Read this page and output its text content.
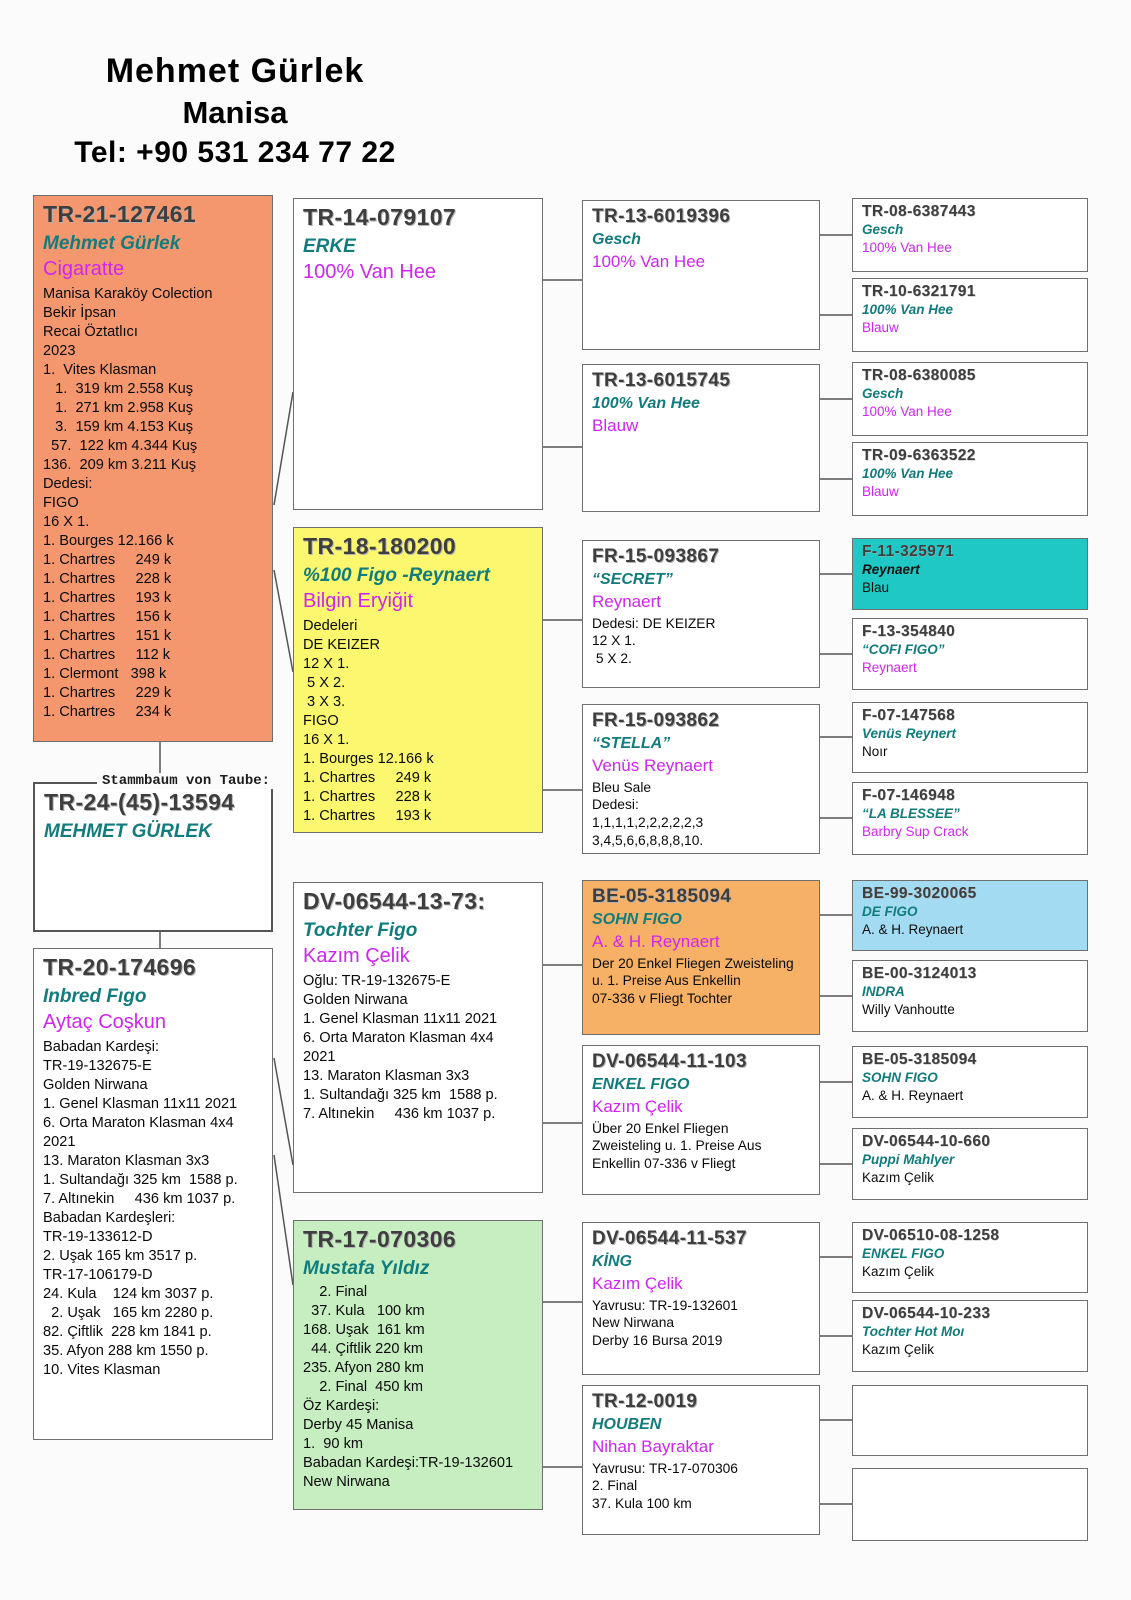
Mehmet Gürlek
Manisa
Tel: +90 531 234 77 22
TR-21-127461
Mehmet Gürlek
Cigaratte
Manisa Karaköy Colection
Bekir İpsan
Recai Öztatlıcı
2023
1.  Vites Klasman
1.  319 km 2.558 Kuş
1.  271 km 2.958 Kuş
3.  159 km 4.153 Kuş
57.  122 km 4.344 Kuş
136.  209 km 3.211 Kuş
Dedesi:
FIGO
16 X 1.
1. Bourges 12.166 k
1. Chartres     249 k
1. Chartres     228 k
1. Chartres     193 k
1. Chartres     156 k
1. Chartres     151 k
1. Chartres     112 k
1. Clermont   398 k
1. Chartres     229 k
1. Chartres     234 k
Stammbaum von Taube:
TR-24-(45)-13594
MEHMET GÜRLEK
TR-20-174696
Inbred Fıgo
Aytaç Coşkun
Babadan Kardeşi:
TR-19-132675-E
Golden Nirwana
1. Genel Klasman 11x11 2021
6. Orta Maraton Klasman 4x4
2021
13. Maraton Klasman 3x3
1. Sultandağı 325 km  1588 p.
7. Altınekin     436 km 1037 p.
Babadan Kardeşleri:
TR-19-133612-D
2. Uşak 165 km 3517 p.
TR-17-106179-D
24. Kula    124 km 3037 p.
2. Uşak   165 km 2280 p.
82. Çiftlik  228 km 1841 p.
35. Afyon 288 km 1550 p.
10. Vites Klasman
TR-14-079107
ERKE
100% Van Hee
TR-18-180200
%100 Figo -Reynaert
Bilgin Eryiğit
Dedeleri
DE KEIZER
12 X 1.
5 X 2.
3 X 3.
FIGO
16 X 1.
1. Bourges 12.166 k
1. Chartres     249 k
1. Chartres     228 k
1. Chartres     193 k
DV-06544-13-73:
Tochter Figo
Kazım Çelik
Oğlu: TR-19-132675-E
Golden Nirwana
1. Genel Klasman 11x11 2021
6. Orta Maraton Klasman 4x4
2021
13. Maraton Klasman 3x3
1. Sultandağı 325 km  1588 p.
7. Altınekin     436 km 1037 p.
TR-17-070306
Mustafa Yıldız
2. Final
37. Kula   100 km
168. Uşak  161 km
44. Çiftlik 220 km
235. Afyon 280 km
2. Final  450 km
Öz Kardeşi:
Derby 45 Manisa
1.  90 km
Babadan Kardeşi:TR-19-132601
New Nirwana
TR-13-6019396
Gesch
100% Van Hee
TR-13-6015745
100% Van Hee
Blauw
FR-15-093867
“SECRET”
Reynaert
Dedesi: DE KEIZER
12 X 1.
5 X 2.
FR-15-093862
“STELLA”
Venüs Reynaert
Bleu Sale
Dedesi:
1,1,1,1,2,2,2,2,2,3
3,4,5,6,6,8,8,8,10.
BE-05-3185094
SOHN FIGO
A. & H. Reynaert
Der 20 Enkel Fliegen Zweisteling
u. 1. Preise Aus Enkellin
07-336 v Fliegt Tochter
DV-06544-11-103
ENKEL FIGO
Kazım Çelik
Über 20 Enkel Fliegen
Zweisteling u. 1. Preise Aus
Enkellin 07-336 v Fliegt
DV-06544-11-537
KİNG
Kazım Çelik
Yavrusu: TR-19-132601
New Nirwana
Derby 16 Bursa 2019
TR-12-0019
HOUBEN
Nihan Bayraktar
Yavrusu: TR-17-070306
2. Final
37. Kula 100 km
TR-08-6387443
Gesch
100% Van Hee
TR-10-6321791
100% Van Hee
Blauw
TR-08-6380085
Gesch
100% Van Hee
TR-09-6363522
100% Van Hee
Blauw
F-11-325971
Reynaert
Blau
F-13-354840
“COFI FIGO”
Reynaert
F-07-147568
Venüs Reynert
Noır
F-07-146948
“LA BLESSEE”
Barbry Sup Crack
BE-99-3020065
DE FIGO
A. & H. Reynaert
BE-00-3124013
INDRA
Willy Vanhoutte
BE-05-3185094
SOHN FIGO
A. & H. Reynaert
DV-06544-10-660
Puppi Mahlyer
Kazım Çelik
DV-06510-08-1258
ENKEL FIGO
Kazım Çelik
DV-06544-10-233
Tochter Hot Moı
Kazım Çelik
